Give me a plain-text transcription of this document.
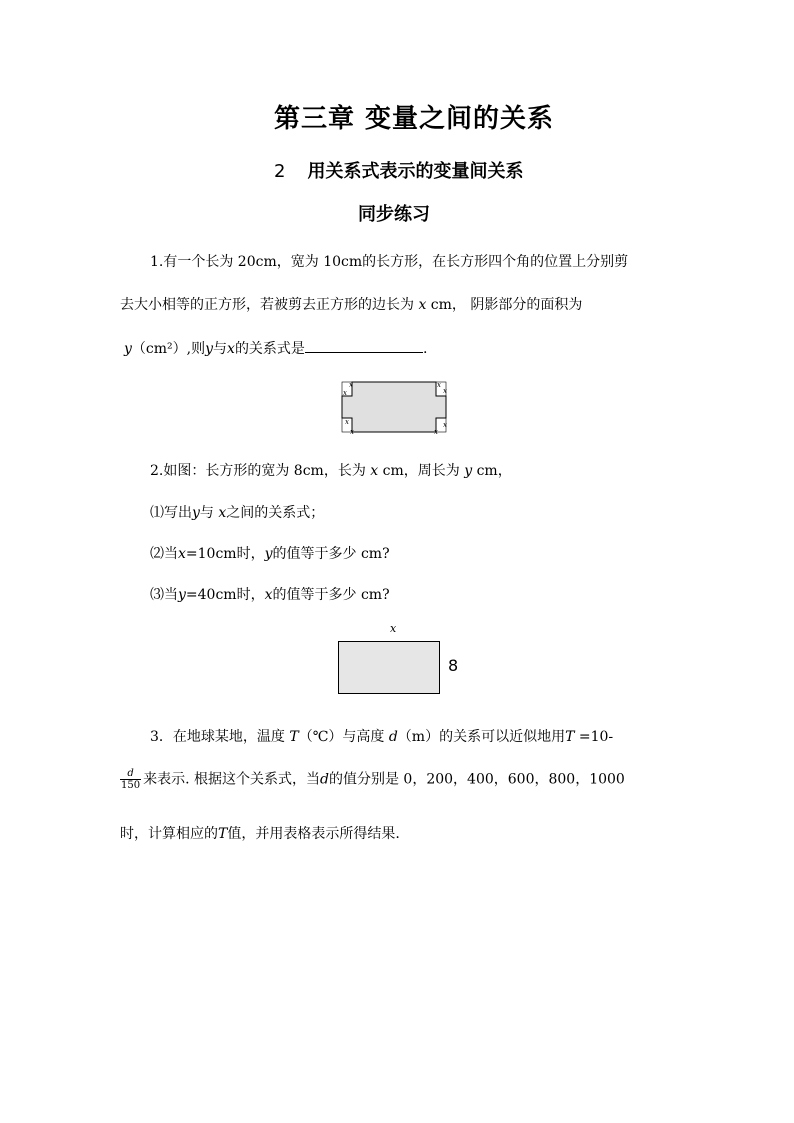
第三章 变量之间的关系
2 用关系式表示的变量间关系
同步练习
1.有一个长为 20cm，宽为 10cm的长方形，在长方形四个角的位置上分别剪
去大小相等的正方形，若被剪去正方形的边长为 x cm， 阴影部分的面积为
y（cm²）,则y与x的关系式是	.
x
x
x
x
x
x	x
x
2.如图：长方形的宽为 8cm，长为 x cm，周长为 y cm，
⑴写出y与 x之间的关系式；
⑵当x=10cm时，y的值等于多少 cm?
⑶当y=40cm时，x的值等于多少 cm?
x
8
3．在地球某地，温度 T（℃）与高度 d（m）的关系可以近似地用T =10-
$\frac{d}{150}$ 来表示. 根据这个关系式，当d的值分别是 0，200，400，600，800，1000
时，计算相应的T值，并用表格表示所得结果.
